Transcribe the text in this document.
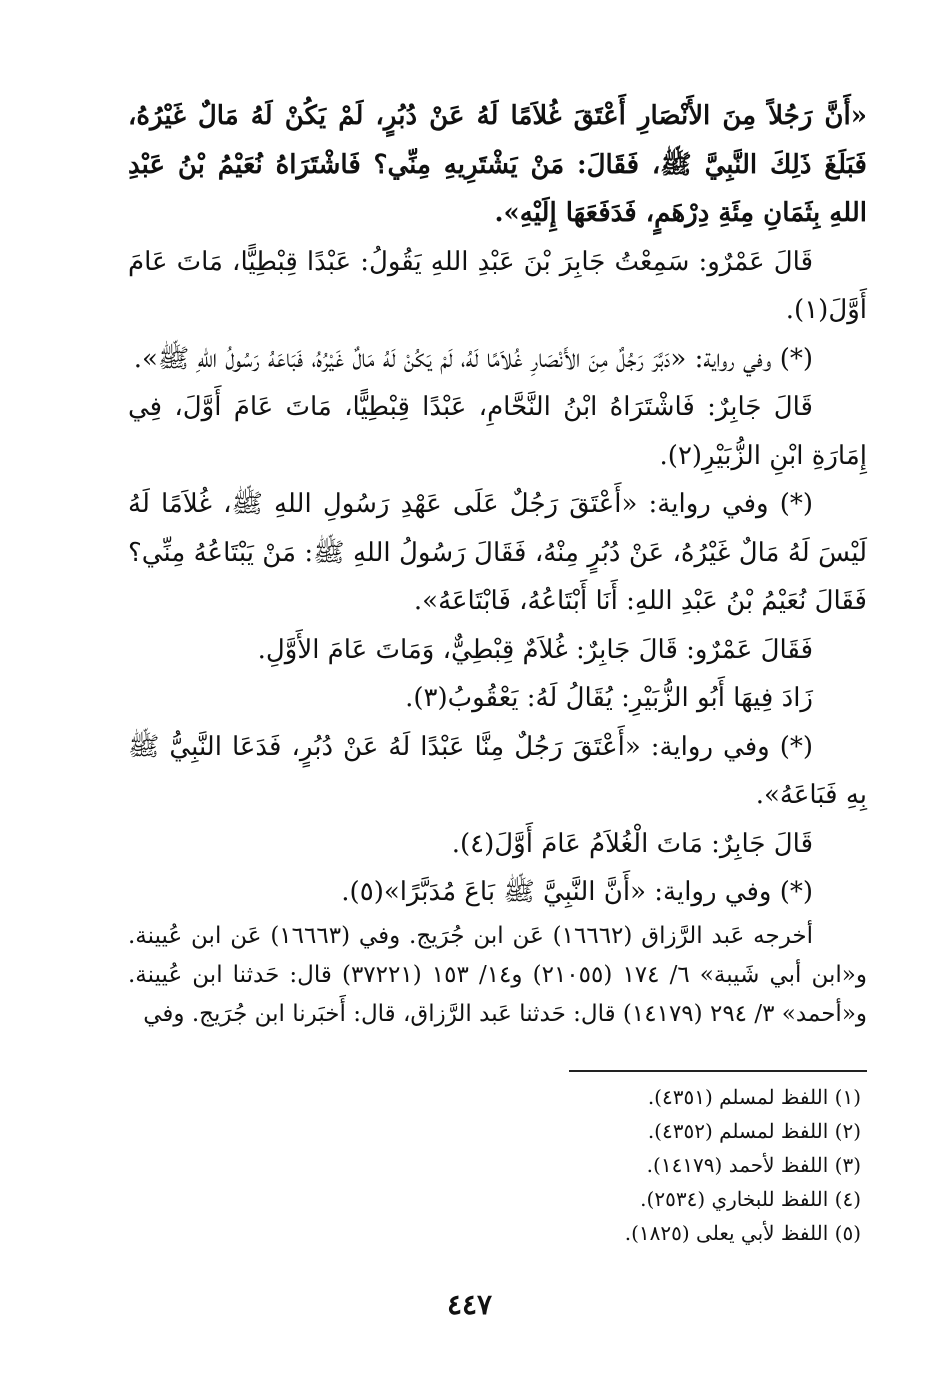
«أَنَّ رَجُلاً مِنَ الأَنْصَارِ أَعْتَقَ غُلاَمًا لَهُ عَنْ دُبُرٍ، لَمْ يَكُنْ لَهُ مَالٌ غَيْرُهُ، فَبَلَغَ ذَلِكَ النَّبِيَّ ﷺ، فَقَالَ: مَنْ يَشْتَرِيهِ مِنِّي؟ فَاشْتَرَاهُ نُعَيْمُ بْنُ عَبْدِ اللهِ بِثَمَانِ مِئَةِ دِرْهَمٍ، فَدَفَعَهَا إِلَيْهِ».

قَالَ عَمْرٌو: سَمِعْتُ جَابِرَ بْنَ عَبْدِ اللهِ يَقُولُ: عَبْدًا قِبْطِيًّا، مَاتَ عَامَ أَوَّلَ(١).

(*) وفي رواية: «دَبَّرَ رَجُلٌ مِنَ الأَنْصَارِ غُلاَمًا لَهُ، لَمْ يَكُنْ لَهُ مَالٌ غَيْرُهُ، فَبَاعَهُ رَسُولُ اللهِ ﷺ».

قَالَ جَابِرٌ: فَاشْتَرَاهُ ابْنُ النَّحَّامِ، عَبْدًا قِبْطِيًّا، مَاتَ عَامَ أَوَّلَ، فِي إِمَارَةِ ابْنِ الزُّبَيْرِ(٢).

(*) وفي رواية: «أَعْتَقَ رَجُلٌ عَلَى عَهْدِ رَسُولِ اللهِ ﷺ، غُلاَمًا لَهُ لَيْسَ لَهُ مَالٌ غَيْرُهُ، عَنْ دُبُرٍ مِنْهُ، فَقَالَ رَسُولُ اللهِ ﷺ: مَنْ يَبْتَاعُهُ مِنِّي؟ فَقَالَ نُعَيْمُ بْنُ عَبْدِ اللهِ: أَنَا أَبْتَاعُهُ، فَابْتَاعَهُ».

فَقَالَ عَمْرٌو: قَالَ جَابِرٌ: غُلاَمٌ قِبْطِيٌّ، وَمَاتَ عَامَ الأَوَّلِ.

زَادَ فِيهَا أَبُو الزُّبَيْرِ: يُقَالُ لَهُ: يَعْقُوبُ(٣).

(*) وفي رواية: «أَعْتَقَ رَجُلٌ مِنَّا عَبْدًا لَهُ عَنْ دُبُرٍ، فَدَعَا النَّبِيُّ ﷺ بِهِ فَبَاعَهُ».

قَالَ جَابِرٌ: مَاتَ الْغُلاَمُ عَامَ أَوَّلَ(٤).

(*) وفي رواية: «أَنَّ النَّبِيَّ ﷺ بَاعَ مُدَبَّرًا»(٥).

أخرجه عَبد الرَّزاق (١٦٦٦٢) عَن ابن جُرَيج. وفي (١٦٦٦٣) عَن ابن عُيينة. و«ابن أبي شَيبة» ٦/ ١٧٤ (٢١٠٥٥) و١٤/ ١٥٣ (٣٧٢٢١) قال: حَدثنا ابن عُيينة. و«أحمد» ٣/ ٢٩٤ (١٤١٧٩) قال: حَدثنا عَبد الرَّزاق، قال: أَخبَرنا ابن جُرَيج. وفي

(١) اللفظ لمسلم (٤٣٥١).

(٢) اللفظ لمسلم (٤٣٥٢).

(٣) اللفظ لأحمد (١٤١٧٩).

(٤) اللفظ للبخاري (٢٥٣٤).

(٥) اللفظ لأبي يعلى (١٨٢٥).

٤٤٧
